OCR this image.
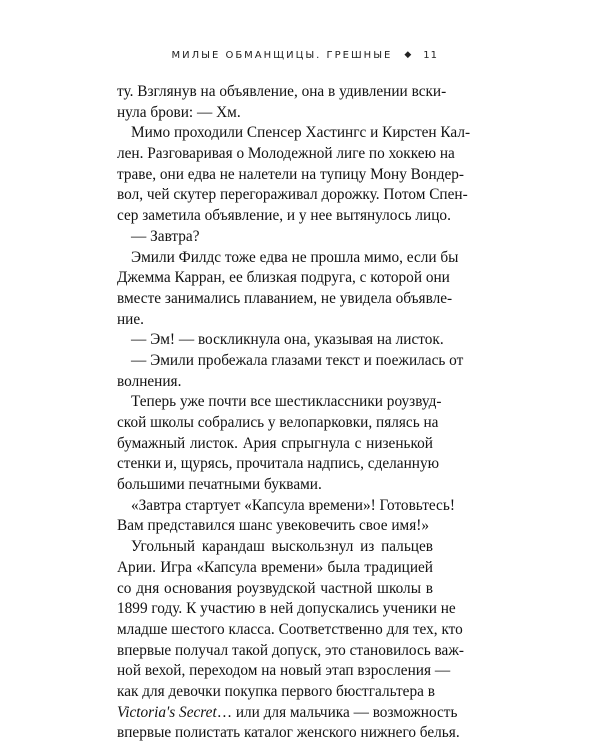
МИЛЫЕ ОБМАНЩИЦЫ. ГРЕШНЫЕ ◆ 11
ту. Взглянув на объявление, она в удивлении вски-
нула брови: — Хм.
Мимо проходили Спенсер Хастингс и Кирстен Кал-
лен. Разговаривая о Молодежной лиге по хоккею на
траве, они едва не налетели на тупицу Мону Вондер-
вол, чей скутер перегораживал дорожку. Потом Спен-
сер заметила объявление, и у нее вытянулось лицо.
— Завтра?
Эмили Филдс тоже едва не прошла мимо, если бы
Джемма Карран, ее близкая подруга, с которой они
вместе занимались плаванием, не увидела объявле-
ние.
— Эм! — воскликнула она, указывая на листок.
— Эмили пробежала глазами текст и поежилась от
волнения.
Теперь уже почти все шестиклассники роузвуд-
ской школы собрались у велопарковки, пялясь на
бумажный листок. Ария спрыгнула с низенькой
стенки и, щурясь, прочитала надпись, сделанную
большими печатными буквами.
«Завтра стартует «Капсула времени»! Готовьтесь!
Вам представился шанс увековечить свое имя!»
Угольный карандаш выскользнул из пальцев
Арии. Игра «Капсула времени» была традицией
со дня основания роузвудской частной школы в
1899 году. К участию в ней допускались ученики не
младше шестого класса. Соответственно для тех, кто
впервые получал такой допуск, это становилось важ-
ной вехой, переходом на новый этап взросления —
как для девочки покупка первого бюстгальтера в
Victoria's Secret… или для мальчика — возможность
впервые полистать каталог женского нижнего белья.
